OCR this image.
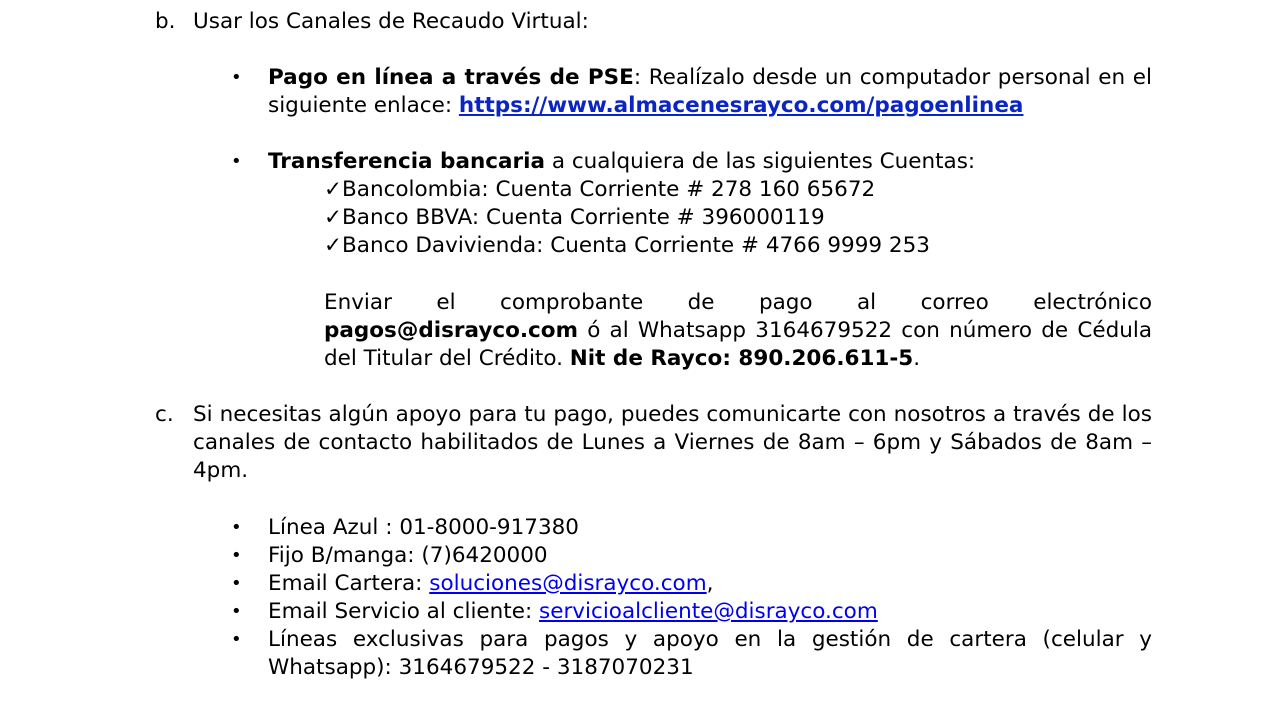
b. Usar los Canales de Recaudo Virtual:
• Pago en línea a través de PSE: Realízalo desde un computador personal en el siguiente enlace: https://www.almacenesrayco.com/pagoenlinea
• Transferencia bancaria a cualquiera de las siguientes Cuentas:
✓Bancolombia: Cuenta Corriente # 278 160 65672
✓Banco BBVA: Cuenta Corriente # 396000119
✓Banco Davivienda: Cuenta Corriente # 4766 9999 253
Enviar el comprobante de pago al correo electrónico
pagos@disrayco.com ó al Whatsapp 3164679522 con número de Cédula del Titular del Crédito. Nit de Rayco: 890.206.611-5.
c. Si necesitas algún apoyo para tu pago, puedes comunicarte con nosotros a través de los canales de contacto habilitados de Lunes a Viernes de 8am – 6pm y Sábados de 8am – 4pm.
• Línea Azul : 01-8000-917380
• Fijo B/manga: (7)6420000
• Email Cartera: soluciones@disrayco.com,
• Email Servicio al cliente: servicioalcliente@disrayco.com
• Líneas exclusivas para pagos y apoyo en la gestión de cartera (celular y Whatsapp): 3164679522 - 3187070231
